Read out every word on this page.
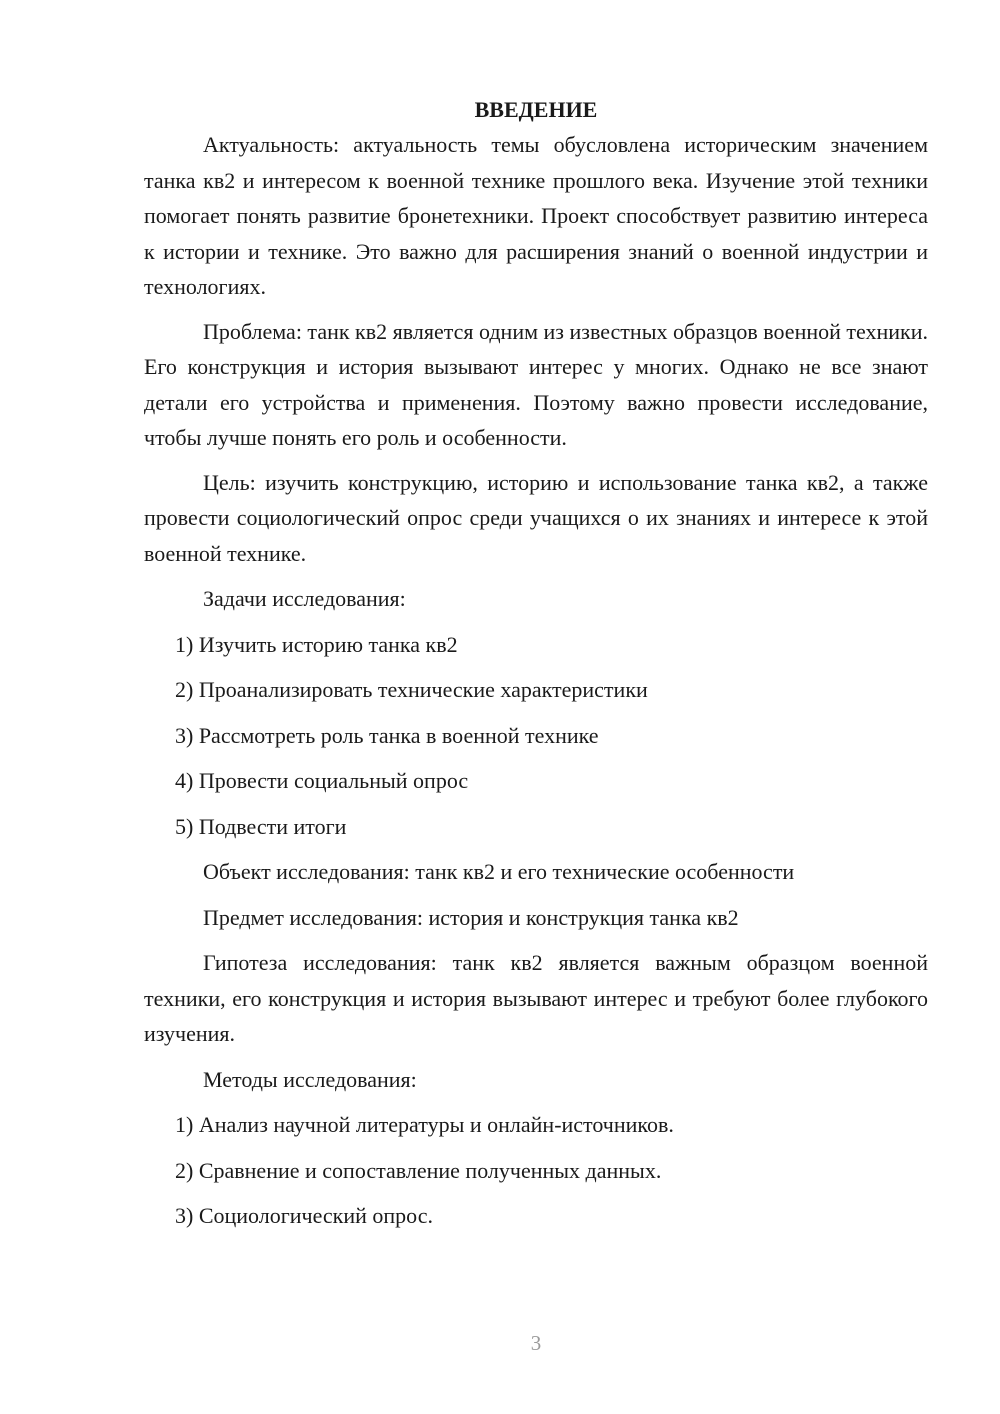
ВВЕДЕНИЕ

Актуальность: актуальность темы обусловлена историческим значением танка кв2 и интересом к военной технике прошлого века. Изучение этой техники помогает понять развитие бронетехники. Проект способствует развитию интереса к истории и технике. Это важно для расширения знаний о военной индустрии и технологиях.

Проблема: танк кв2 является одним из известных образцов военной техники. Его конструкция и история вызывают интерес у многих. Однако не все знают детали его устройства и применения. Поэтому важно провести исследование, чтобы лучше понять его роль и особенности.

Цель: изучить конструкцию, историю и использование танка кв2, а также провести социологический опрос среди учащихся о их знаниях и интересе к этой военной технике.

Задачи исследования:

1) Изучить историю танка кв2

2) Проанализировать технические характеристики

3) Рассмотреть роль танка в военной технике

4) Провести социальный опрос

5) Подвести итоги

Объект исследования: танк кв2 и его технические особенности

Предмет исследования: история и конструкция танка кв2

Гипотеза исследования: танк кв2 является важным образцом военной техники, его конструкция и история вызывают интерес и требуют более глубокого изучения.

Методы исследования:

1) Анализ научной литературы и онлайн-источников.

2) Сравнение и сопоставление полученных данных.

3) Социологический опрос.

3
